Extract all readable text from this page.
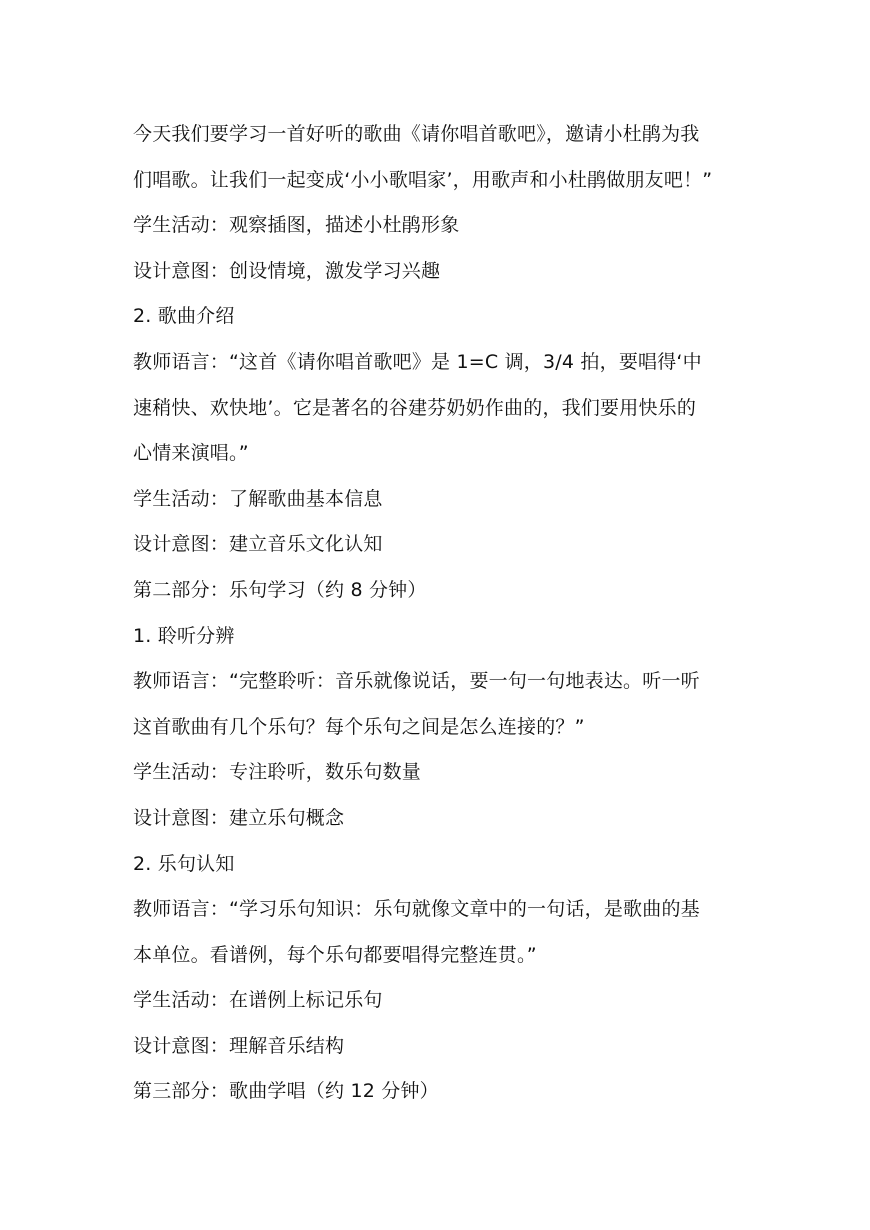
今天我们要学习一首好听的歌曲《请你唱首歌吧》，邀请小杜鹃为我
们唱歌。让我们一起变成‘小小歌唱家’，用歌声和小杜鹃做朋友吧！”
学生活动：观察插图，描述小杜鹃形象
设计意图：创设情境，激发学习兴趣
2. 歌曲介绍
教师语言：“这首《请你唱首歌吧》是 1=C 调，3/4 拍，要唱得‘中
速稍快、欢快地’。它是著名的谷建芬奶奶作曲的，我们要用快乐的
心情来演唱。”
学生活动：了解歌曲基本信息
设计意图：建立音乐文化认知
第二部分：乐句学习（约 8 分钟）
1. 聆听分辨
教师语言：“完整聆听：音乐就像说话，要一句一句地表达。听一听
这首歌曲有几个乐句？每个乐句之间是怎么连接的？”
学生活动：专注聆听，数乐句数量
设计意图：建立乐句概念
2. 乐句认知
教师语言：“学习乐句知识：乐句就像文章中的一句话，是歌曲的基
本单位。看谱例，每个乐句都要唱得完整连贯。”
学生活动：在谱例上标记乐句
设计意图：理解音乐结构
第三部分：歌曲学唱（约 12 分钟）
